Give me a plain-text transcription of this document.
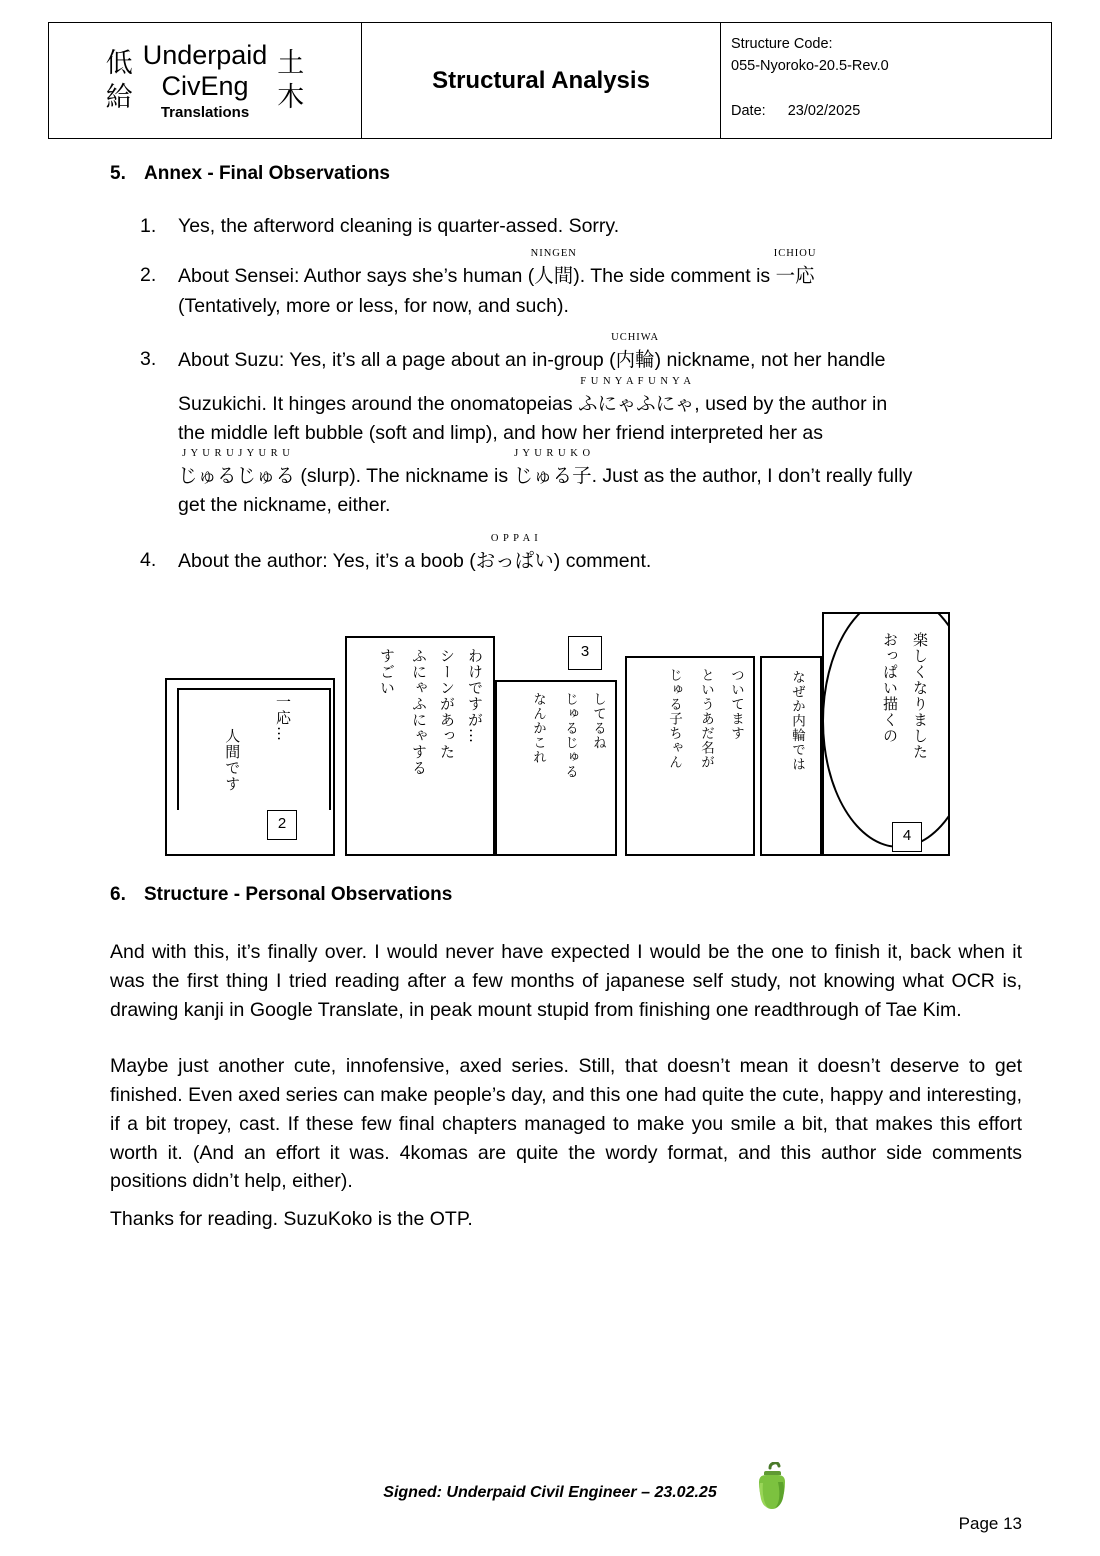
低
給
Underpaid
CivEng
Translations
土
木
Structural Analysis
Structure Code:
055-Nyoroko-20.5-Rev.0
Date: 23/02/2025
5. Annex - Final Observations
1. Yes, the afterword cleaning is quarter-assed. Sorry.
2. About Sensei: Author says she’s human (
NINGEN
人間). The side comment is
ICHIOU
一応
(Tentatively, more or less, for now, and such).
3. About Suzu: Yes, it’s all a page about an in-group (
UCHIWA
内輪) nickname, not her handle
Suzukichi. It hinges around the onomatopeias
F U N Y A F U N Y A
ふにゃふにゃ, used by the author in
the middle left bubble (soft and limp), and how her friend interpreted her as
J Y U R U J Y U R U
じゅるじゅる (slurp). The nickname is
J Y U R U K O
じゅる子. Just as the author, I don’t really fully
get the nickname, either.
4. About the author: Yes, it’s a boob (
O P P A I
おっぱい) comment.
一応…
人間です
2
わけですが…
シーンがあった
ふにゃふにゃする
すごい	3
してるね
じゅるじゅる
なんかこれ	ついてます
というあだ名が
じゅる子ちゃん	なぜか内輪では	楽しくなりました
おっぱい描くの
4
6. Structure - Personal Observations
And with this, it’s finally over. I would never have expected I would be the one to finish it, back when it was the first thing I tried reading after a few months of japanese self study, not knowing what OCR is, drawing kanji in Google Translate, in peak mount stupid from finishing one readthrough of Tae Kim.
Maybe just another cute, innofensive, axed series. Still, that doesn’t mean it doesn’t deserve to get finished. Even axed series can make people’s day, and this one had quite the cute, happy and interesting, if a bit tropey, cast. If these few final chapters managed to make you smile a bit, that makes this effort worth it. (And an effort it was. 4komas are quite the wordy format, and this author side comments positions didn’t help, either).
Thanks for reading. SuzuKoko is the OTP.
Signed: Underpaid Civil Engineer – 23.02.25
Page 13
